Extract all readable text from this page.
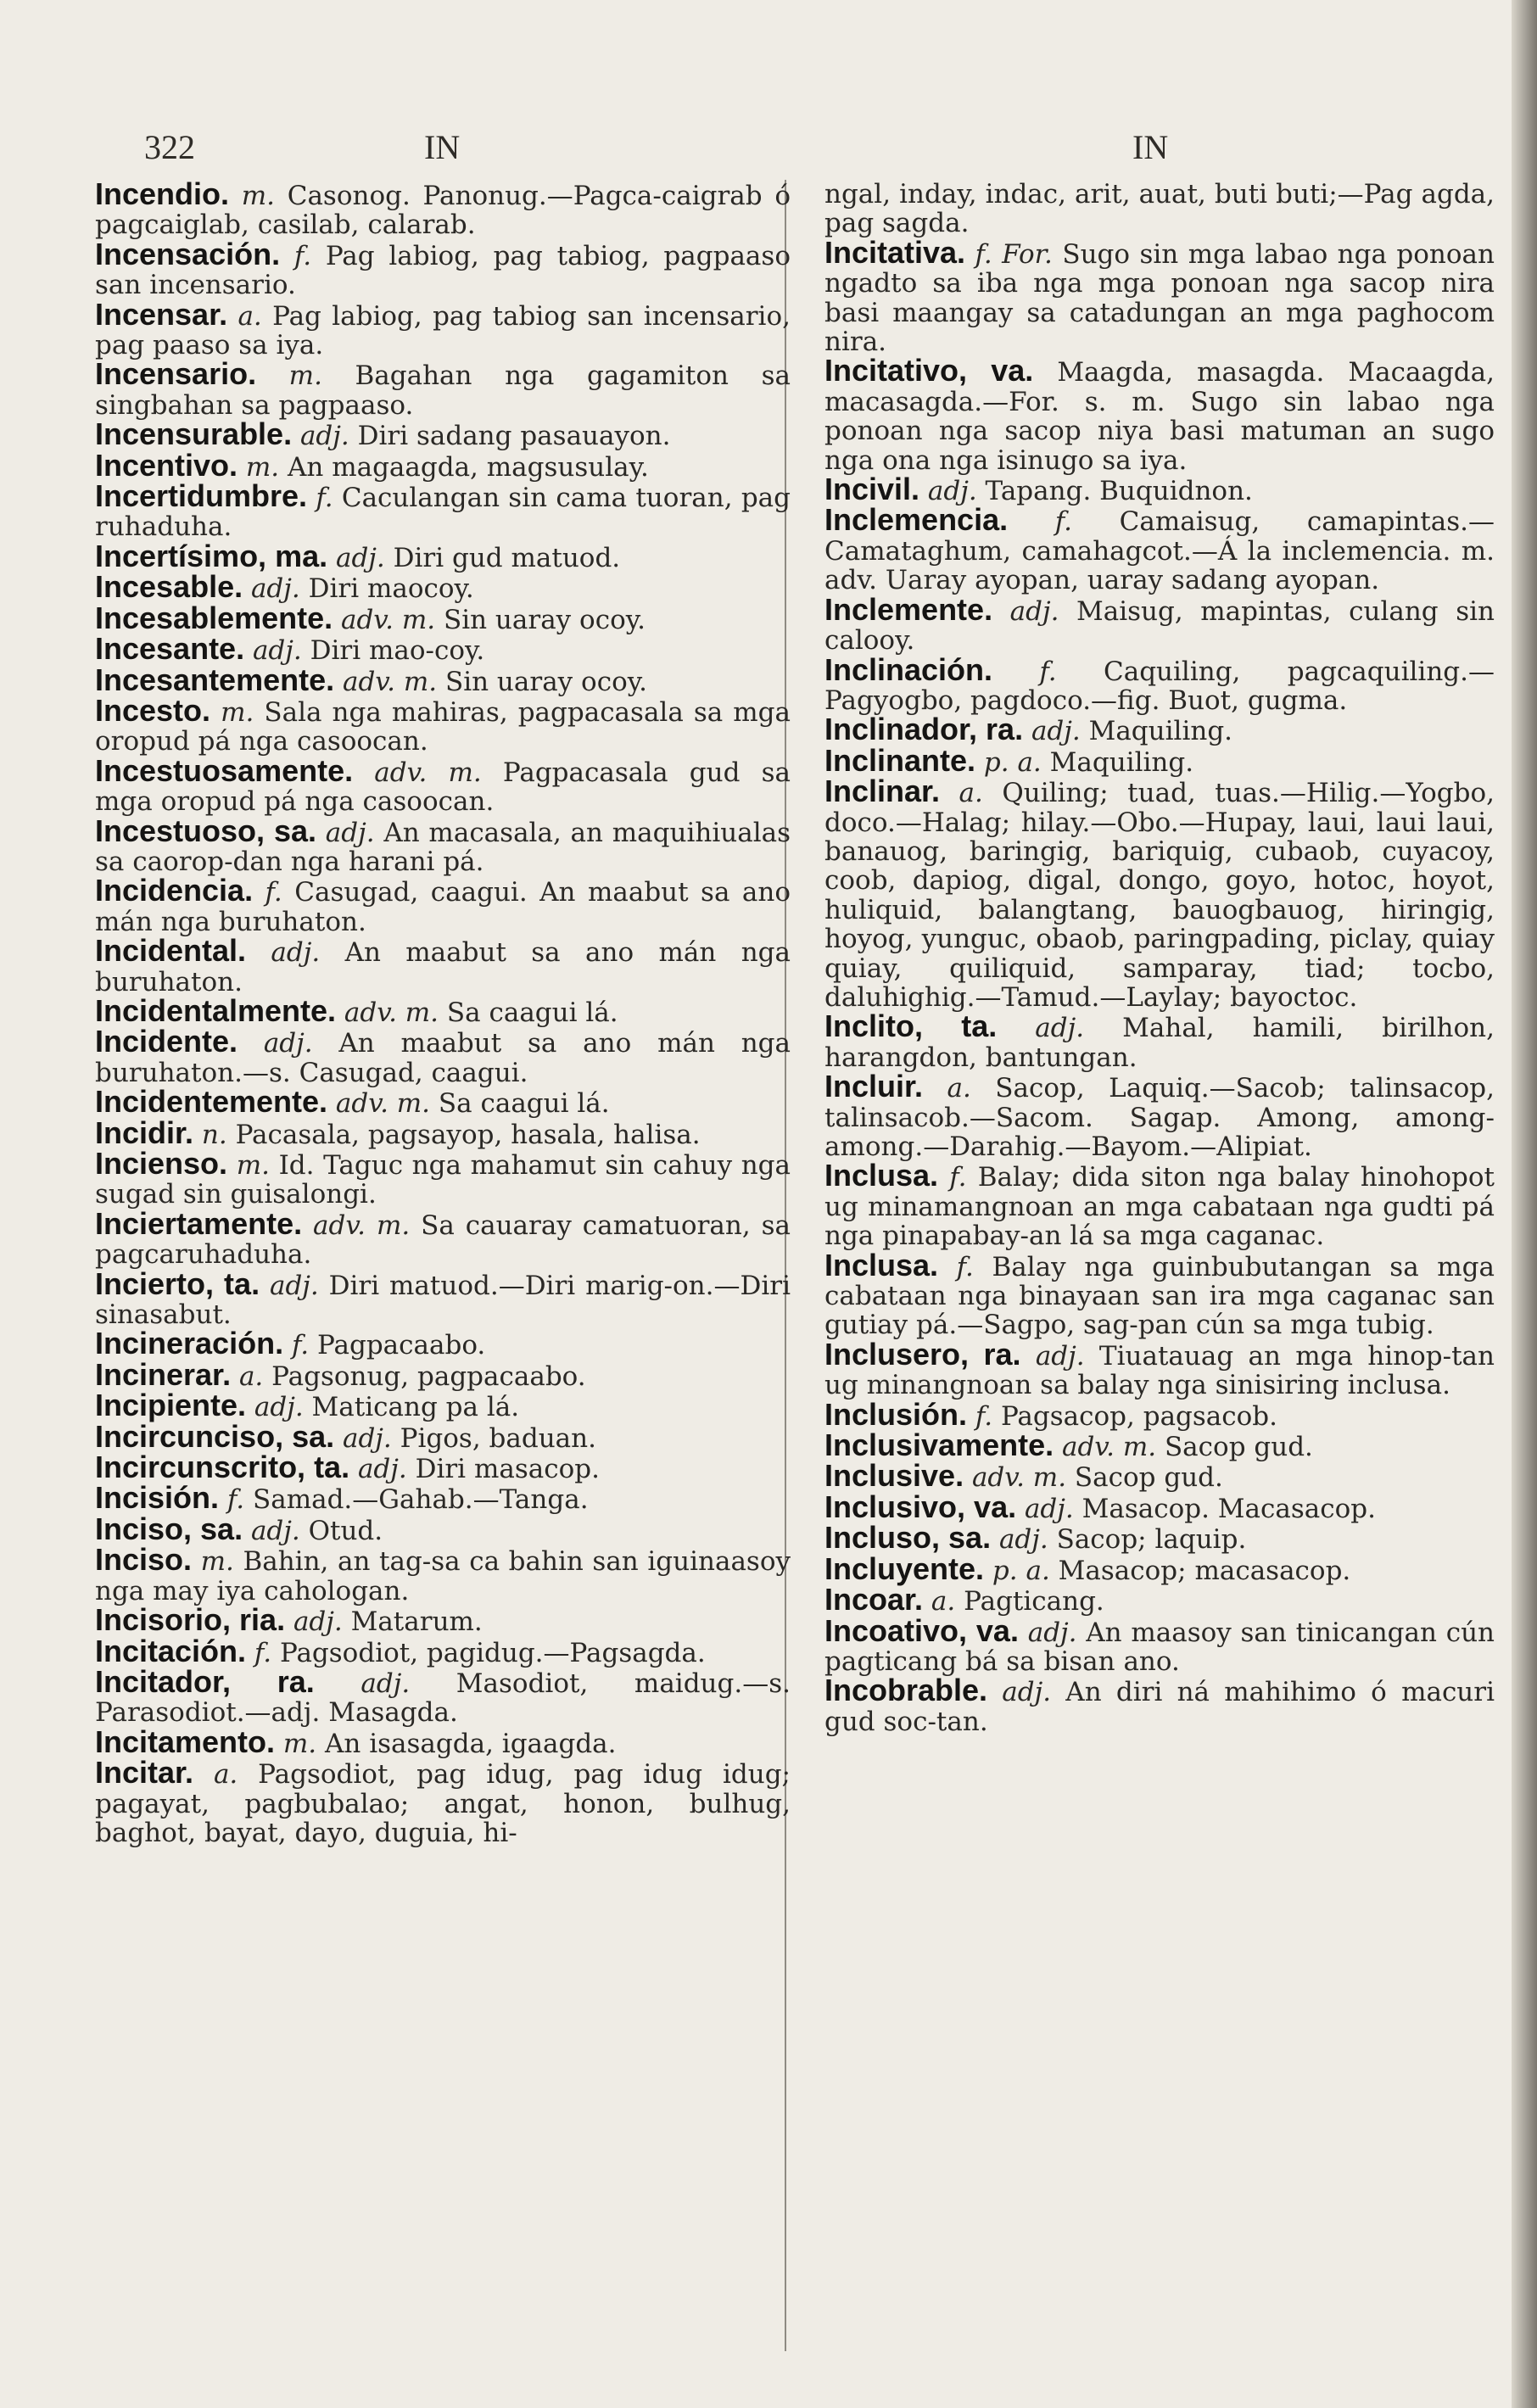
322	IN	IN
Incendio. m. Casonog. Panonug.—Pagca-caigrab ó pagcaiglab, casilab, calarab.
Incensación. f. Pag labiog, pag tabiog, pagpaaso san incensario.
Incensar. a. Pag labiog, pag tabiog san incensario, pag paaso sa iya.
Incensario. m. Bagahan nga gagamiton sa singbahan sa pagpaaso.
Incensurable. adj. Diri sadang pasauayon.
Incentivo. m. An magaagda, magsusulay.
Incertidumbre. f. Caculangan sin cama tuoran, pag ruhaduha.
Incertísimo, ma. adj. Diri gud matuod.
Incesable. adj. Diri maocoy.
Incesablemente. adv. m. Sin uaray ocoy.
Incesante. adj. Diri mao-coy.
Incesantemente. adv. m. Sin uaray ocoy.
Incesto. m. Sala nga mahiras, pagpacasala sa mga oropud pá nga casoocan.
Incestuosamente. adv. m. Pagpacasala gud sa mga oropud pá nga casoocan.
Incestuoso, sa. adj. An macasala, an maquihiualas sa caorop-dan nga harani pá.
Incidencia. f. Casugad, caagui. An maabut sa ano mán nga buruhaton.
Incidental. adj. An maabut sa ano mán nga buruhaton.
Incidentalmente. adv. m. Sa caagui lá.
Incidente. adj. An maabut sa ano mán nga buruhaton.—s. Casugad, caagui.
Incidentemente. adv. m. Sa caagui lá.
Incidir. n. Pacasala, pagsayop, hasala, halisa.
Incienso. m. Id. Taguc nga mahamut sin cahuy nga sugad sin guisalongi.
Inciertamente. adv. m. Sa cauaray camatuoran, sa pagcaruhaduha.
Incierto, ta. adj. Diri matuod.—Diri marig-on.—Diri sinasabut.
Incineración. f. Pagpacaabo.
Incinerar. a. Pagsonug, pagpacaabo.
Incipiente. adj. Maticang pa lá.
Incircunciso, sa. adj. Pigos, baduan.
Incircunscrito, ta. adj. Diri masacop.
Incisión. f. Samad.—Gahab.—Tanga.
Inciso, sa. adj. Otud.
Inciso. m. Bahin, an tag-sa ca bahin san iguinaasoy nga may iya cahologan.
Incisorio, ria. adj. Matarum.
Incitación. f. Pagsodiot, pagidug.—Pagsagda.
Incitador, ra. adj. Masodiot, maidug.—s. Parasodiot.—adj. Masagda.
Incitamento. m. An isasagda, igaagda.
Incitar. a. Pagsodiot, pag idug, pag idug idug; pagayat, pagbubalao; angat, honon, bulhug, baghot, bayat, dayo, duguia, hi-
ngal, inday, indac, arit, auat, buti buti;—Pag agda, pag sagda.
Incitativa. f. For. Sugo sin mga labao nga ponoan ngadto sa iba nga mga ponoan nga sacop nira basi maangay sa catadungan an mga paghocom nira.
Incitativo, va. Maagda, masagda. Macaagda, macasagda.—For. s. m. Sugo sin labao nga ponoan nga sacop niya basi matuman an sugo nga ona nga isinugo sa iya.
Incivil. adj. Tapang. Buquidnon.
Inclemencia. f. Camaisug, camapintas.—Camataghum, camahagcot.—Á la inclemencia. m. adv. Uaray ayopan, uaray sadang ayopan.
Inclemente. adj. Maisug, mapintas, culang sin calooy.
Inclinación. f. Caquiling, pagcaquiling.—Pagyogbo, pagdoco.—fig. Buot, gugma.
Inclinador, ra. adj. Maquiling.
Inclinante. p. a. Maquiling.
Inclinar. a. Quiling; tuad, tuas.—Hilig.—Yogbo, doco.—Halag; hilay.—Obo.—Hupay, laui, laui laui, banauog, baringig, bariquig, cubaob, cuyacoy, coob, dapiog, digal, dongo, goyo, hotoc, hoyot, huliquid, balangtang, bauogbauog, hiringig, hoyog, yunguc, obaob, paringpading, piclay, quiay quiay, quiliquid, samparay, tiad; tocbo, daluhighig.—Tamud.—Laylay; bayoctoc.
Inclito, ta. adj. Mahal, hamili, birilhon, harangdon, bantungan.
Incluir. a. Sacop, Laquiq.—Sacob; talinsacop, talinsacob.—Sacom. Sagap. Among, among-among.—Darahig.—Bayom.—Alipiat.
Inclusa. f. Balay; dida siton nga balay hinohopot ug minamangnoan an mga cabataan nga gudti pá nga pinapabay-an lá sa mga caganac.
Inclusa. f. Balay nga guinbubutangan sa mga cabataan nga binayaan san ira mga caganac san gutiay pá.—Sagpo, sag-pan cún sa mga tubig.
Inclusero, ra. adj. Tiuatauag an mga hinop-tan ug minangnoan sa balay nga sinisiring inclusa.
Inclusión. f. Pagsacop, pagsacob.
Inclusivamente. adv. m. Sacop gud.
Inclusive. adv. m. Sacop gud.
Inclusivo, va. adj. Masacop. Macasacop.
Incluso, sa. adj. Sacop; laquip.
Incluyente. p. a. Masacop; macasacop.
Incoar. a. Pagticang.
Incoativo, va. adj. An maasoy san tinicangan cún pagticang bá sa bisan ano.
Incobrable. adj. An diri ná mahihimo ó macuri gud soc-tan.
